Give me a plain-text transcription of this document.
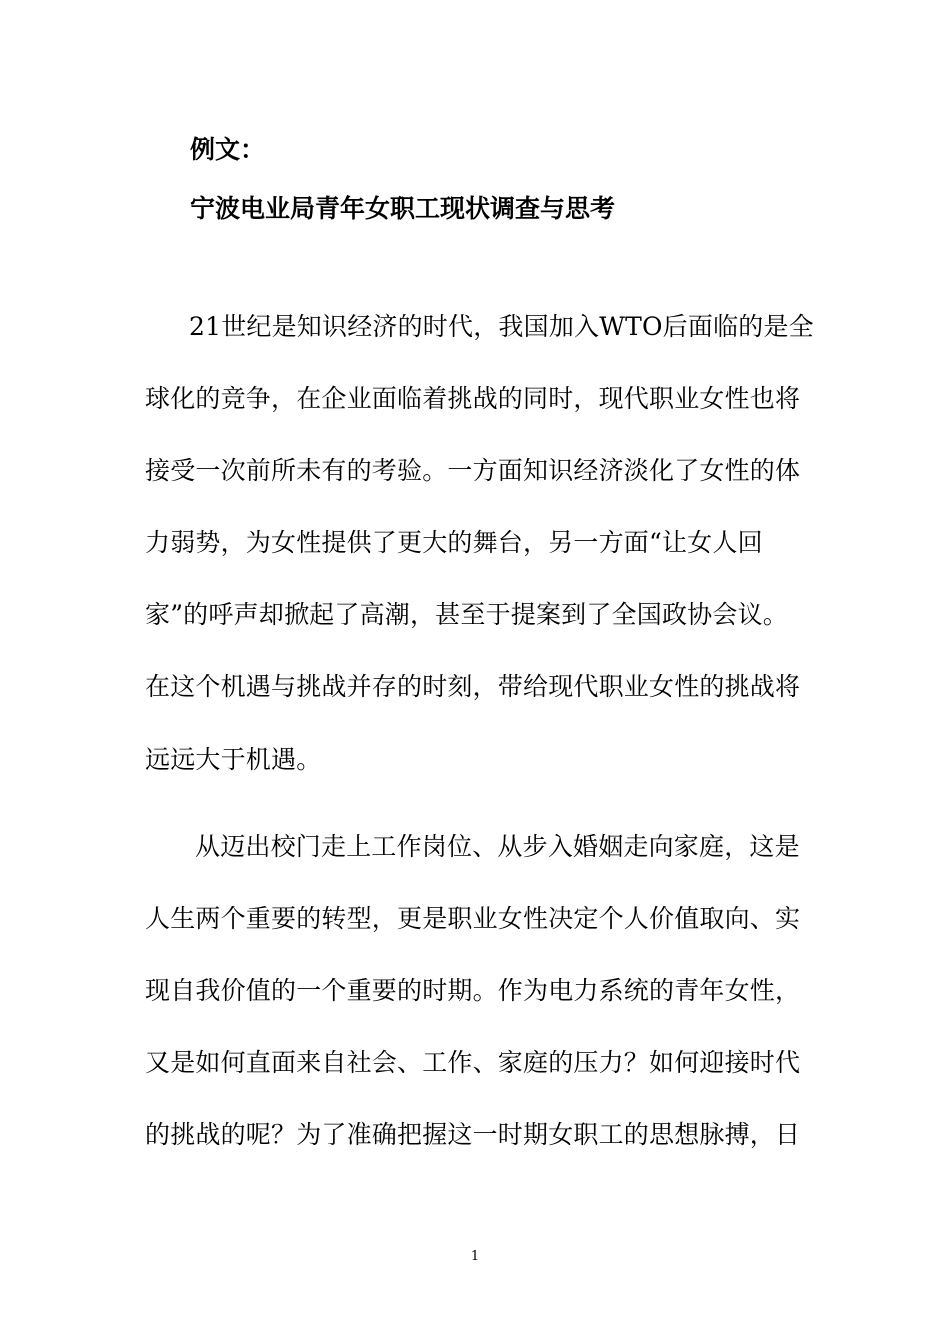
例文：
宁波电业局青年女职工现状调查与思考
21世纪是知识经济的时代，我国加入WTO后面临的是全
球化的竞争，在企业面临着挑战的同时，现代职业女性也将
接受一次前所未有的考验。一方面知识经济淡化了女性的体
力弱势，为女性提供了更大的舞台，另一方面“让女人回
家”的呼声却掀起了高潮，甚至于提案到了全国政协会议。
在这个机遇与挑战并存的时刻，带给现代职业女性的挑战将
远远大于机遇。
从迈出校门走上工作岗位、从步入婚姻走向家庭，这是
人生两个重要的转型，更是职业女性决定个人价值取向、实
现自我价值的一个重要的时期。作为电力系统的青年女性，
又是如何直面来自社会、工作、家庭的压力？如何迎接时代
的挑战的呢？为了准确把握这一时期女职工的思想脉搏，日
1
